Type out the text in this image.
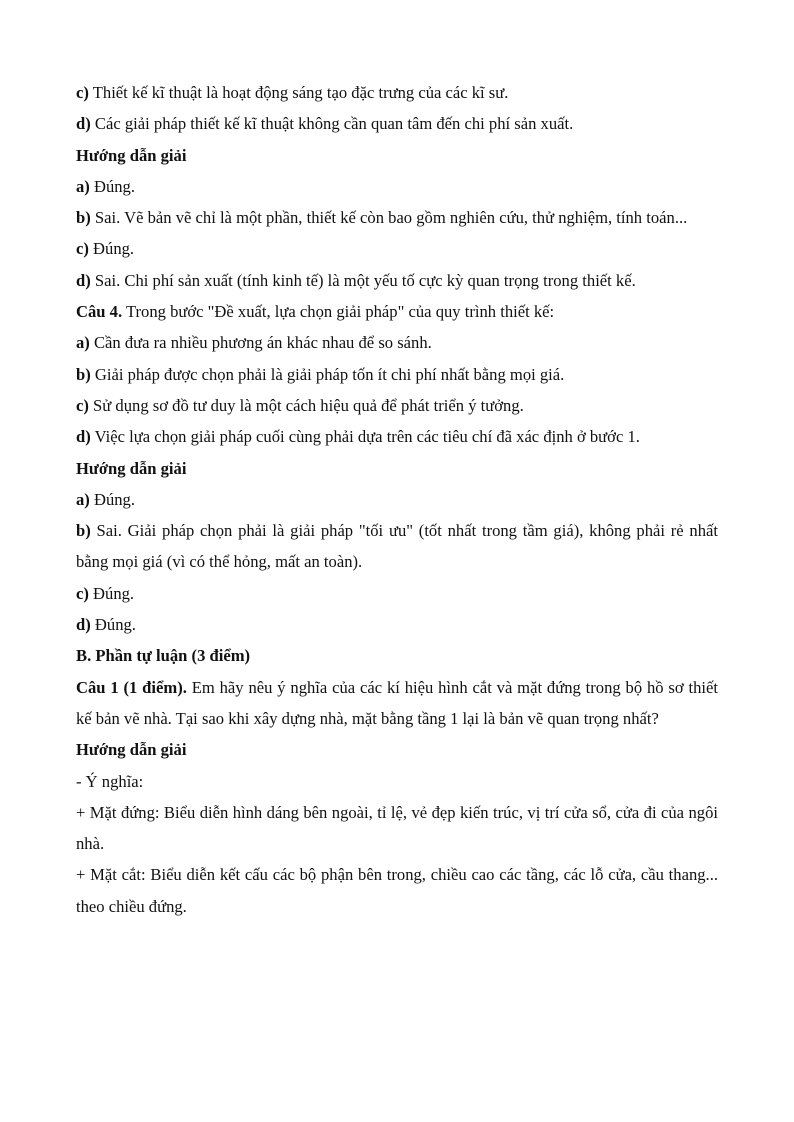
c) Thiết kế kĩ thuật là hoạt động sáng tạo đặc trưng của các kĩ sư.
d) Các giải pháp thiết kế kĩ thuật không cần quan tâm đến chi phí sản xuất.
Hướng dẫn giải
a) Đúng.
b) Sai. Vẽ bản vẽ chỉ là một phần, thiết kế còn bao gồm nghiên cứu, thử nghiệm, tính toán...
c) Đúng.
d) Sai. Chi phí sản xuất (tính kinh tế) là một yếu tố cực kỳ quan trọng trong thiết kế.
Câu 4. Trong bước "Đề xuất, lựa chọn giải pháp" của quy trình thiết kế:
a) Cần đưa ra nhiều phương án khác nhau để so sánh.
b) Giải pháp được chọn phải là giải pháp tốn ít chi phí nhất bằng mọi giá.
c) Sử dụng sơ đồ tư duy là một cách hiệu quả để phát triển ý tưởng.
d) Việc lựa chọn giải pháp cuối cùng phải dựa trên các tiêu chí đã xác định ở bước 1.
Hướng dẫn giải
a) Đúng.
b) Sai. Giải pháp chọn phải là giải pháp "tối ưu" (tốt nhất trong tầm giá), không phải rẻ nhất bằng mọi giá (vì có thể hỏng, mất an toàn).
c) Đúng.
d) Đúng.
B. Phần tự luận (3 điểm)
Câu 1 (1 điểm). Em hãy nêu ý nghĩa của các kí hiệu hình cắt và mặt đứng trong bộ hồ sơ thiết kế bản vẽ nhà. Tại sao khi xây dựng nhà, mặt bằng tầng 1 lại là bản vẽ quan trọng nhất?
Hướng dẫn giải
- Ý nghĩa:
+ Mặt đứng: Biểu diễn hình dáng bên ngoài, tỉ lệ, vẻ đẹp kiến trúc, vị trí cửa sổ, cửa đi của ngôi nhà.
+ Mặt cắt: Biểu diễn kết cấu các bộ phận bên trong, chiều cao các tầng, các lỗ cửa, cầu thang... theo chiều đứng.
